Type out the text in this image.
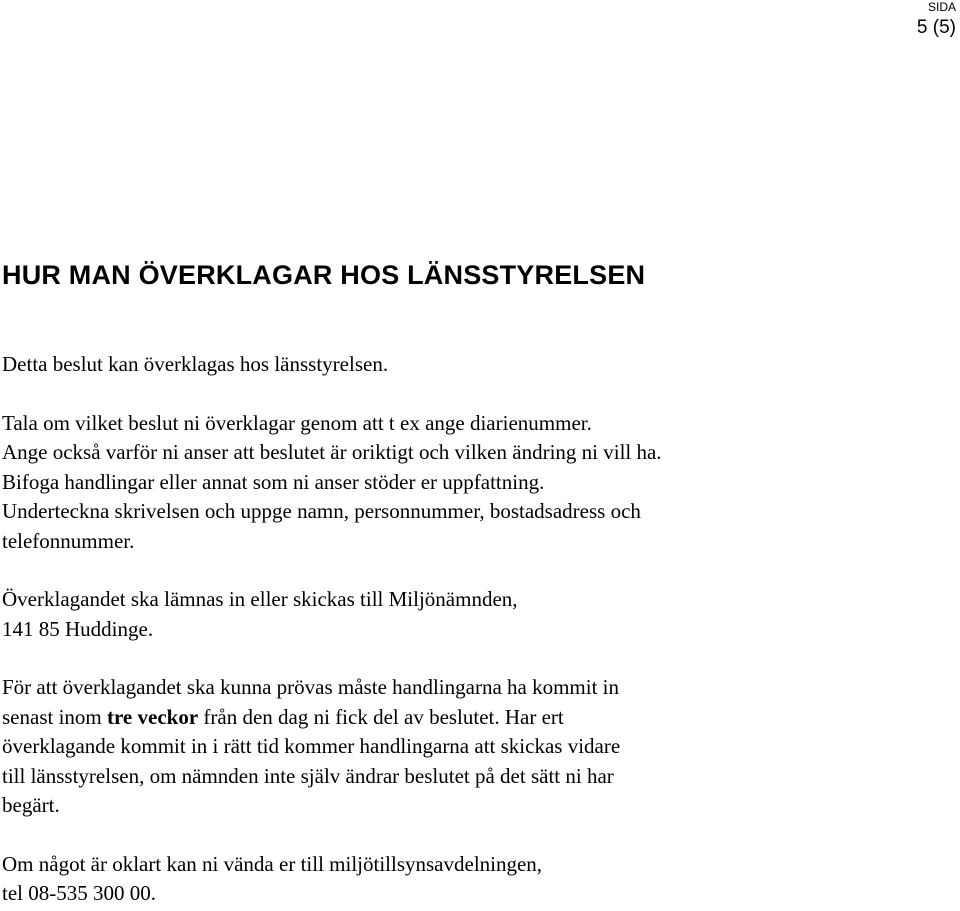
SIDA
5 (5)
HUR MAN ÖVERKLAGAR HOS LÄNSSTYRELSEN

Detta beslut kan överklagas hos länsstyrelsen.

Tala om vilket beslut ni överklagar genom att t ex ange diarienummer.

Ange också varför ni anser att beslutet är oriktigt och vilken ändring ni vill ha.

Bifoga handlingar eller annat som ni anser stöder er uppfattning.

Underteckna skrivelsen och uppge namn, personnummer, bostadsadress och

telefonnummer.

Överklagandet ska lämnas in eller skickas till Miljönämnden,

141 85 Huddinge.

För att överklagandet ska kunna prövas måste handlingarna ha kommit in

senast inom tre veckor från den dag ni fick del av beslutet. Har ert

överklagande kommit in i rätt tid kommer handlingarna att skickas vidare

till länsstyrelsen, om nämnden inte själv ändrar beslutet på det sätt ni har

begärt.

Om något är oklart kan ni vända er till miljötillsynsavdelningen,

tel 08-535 300 00.
